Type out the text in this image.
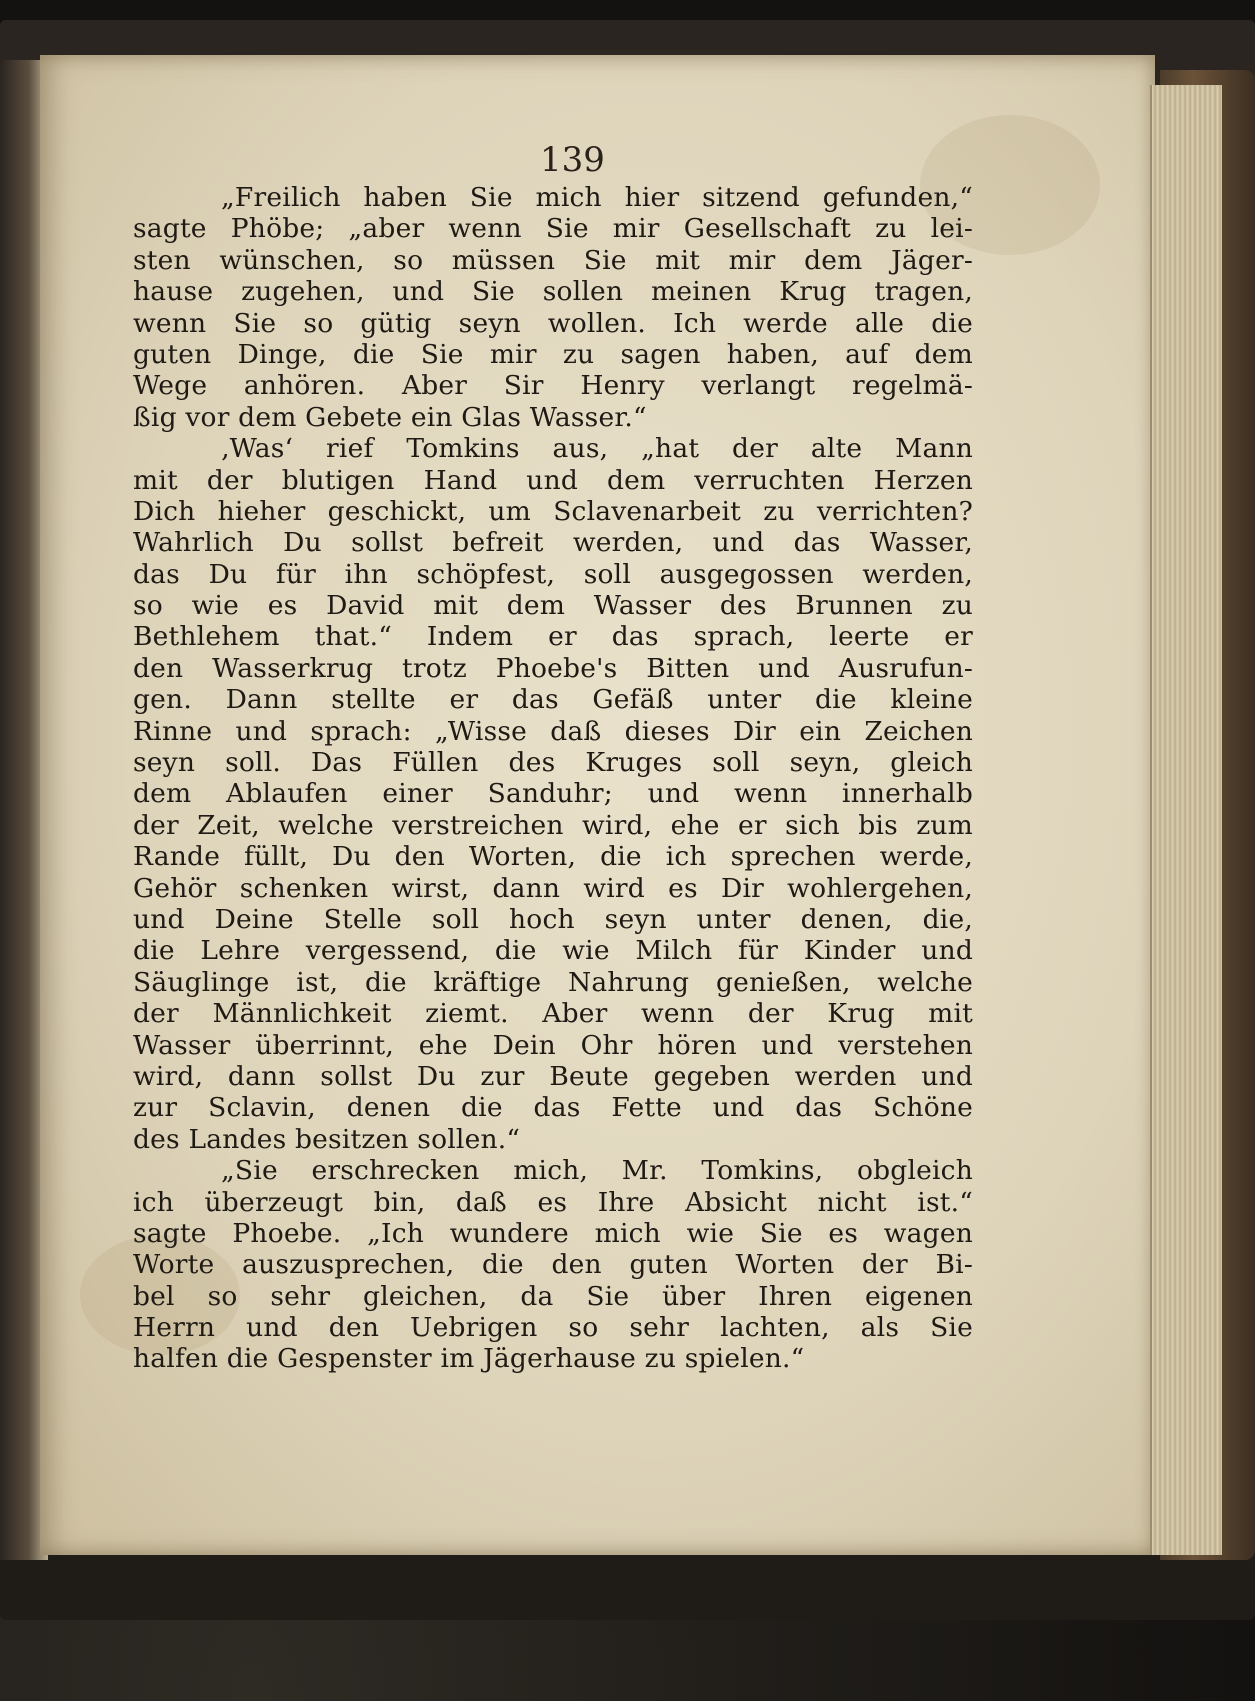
139
„Freilich haben Sie mich hier sitzend gefunden,“
sagte Phöbe; „aber wenn Sie mir Gesellschaft zu lei-
sten wünschen, so müssen Sie mit mir dem Jäger-
hause zugehen, und Sie sollen meinen Krug tragen,
wenn Sie so gütig seyn wollen. Ich werde alle die
guten Dinge, die Sie mir zu sagen haben, auf dem
Wege anhören. Aber Sir Henry verlangt regelmä-
ßig vor dem Gebete ein Glas Wasser.“
‚Was‘ rief Tomkins aus, „hat der alte Mann
mit der blutigen Hand und dem verruchten Herzen
Dich hieher geschickt, um Sclavenarbeit zu verrichten?
Wahrlich Du sollst befreit werden, und das Wasser,
das Du für ihn schöpfest, soll ausgegossen werden,
so wie es David mit dem Wasser des Brunnen zu
Bethlehem that.“ Indem er das sprach, leerte er
den Wasserkrug trotz Phoebe's Bitten und Ausrufun-
gen. Dann stellte er das Gefäß unter die kleine
Rinne und sprach: „Wisse daß dieses Dir ein Zeichen
seyn soll. Das Füllen des Kruges soll seyn, gleich
dem Ablaufen einer Sanduhr; und wenn innerhalb
der Zeit, welche verstreichen wird, ehe er sich bis zum
Rande füllt, Du den Worten, die ich sprechen werde,
Gehör schenken wirst, dann wird es Dir wohlergehen,
und Deine Stelle soll hoch seyn unter denen, die,
die Lehre vergessend, die wie Milch für Kinder und
Säuglinge ist, die kräftige Nahrung genießen, welche
der Männlichkeit ziemt. Aber wenn der Krug mit
Wasser überrinnt, ehe Dein Ohr hören und verstehen
wird, dann sollst Du zur Beute gegeben werden und
zur Sclavin, denen die das Fette und das Schöne
des Landes besitzen sollen.“
„Sie erschrecken mich, Mr. Tomkins, obgleich
ich überzeugt bin, daß es Ihre Absicht nicht ist.“
sagte Phoebe. „Ich wundere mich wie Sie es wagen
Worte auszusprechen, die den guten Worten der Bi-
bel so sehr gleichen, da Sie über Ihren eigenen
Herrn und den Uebrigen so sehr lachten, als Sie
halfen die Gespenster im Jägerhause zu spielen.“
